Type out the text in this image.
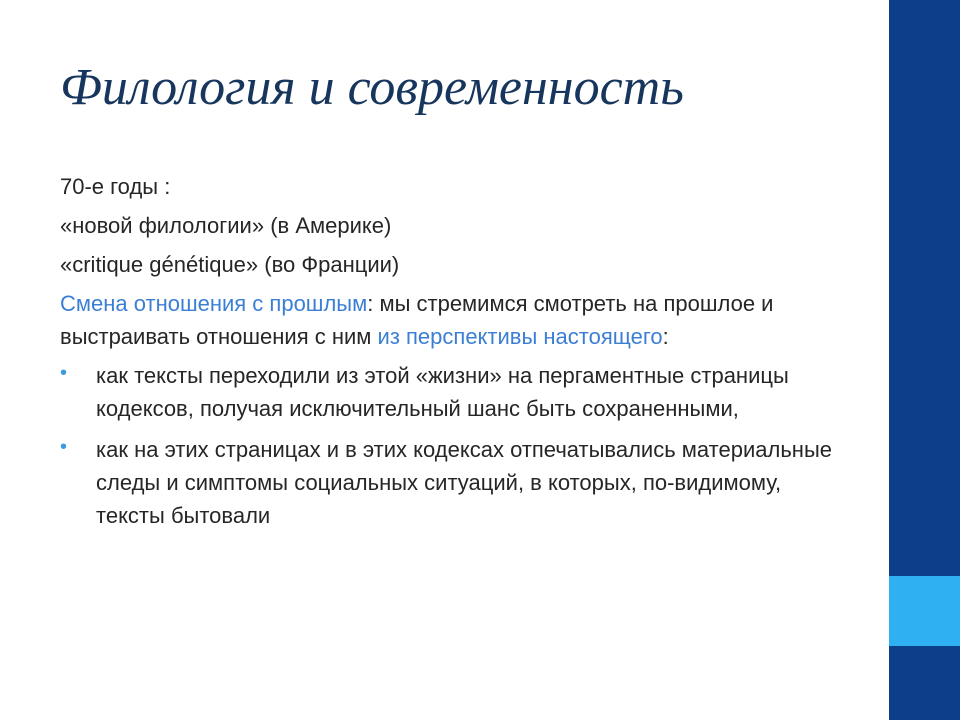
Филология и современность
70-е годы :
«новой филологии» (в Америке)
«critique génétique» (во Франции)
Смена отношения с прошлым: мы стремимся смотреть на прошлое и выстраивать отношения с ним из перспективы настоящего:
• как тексты переходили из этой «жизни» на пергаментные страницы кодексов, получая исключительный шанс быть сохраненными,
• как на этих страницах и в этих кодексах отпечатывались материальные следы и симптомы социальных ситуаций, в которых, по-видимому, тексты бытовали
